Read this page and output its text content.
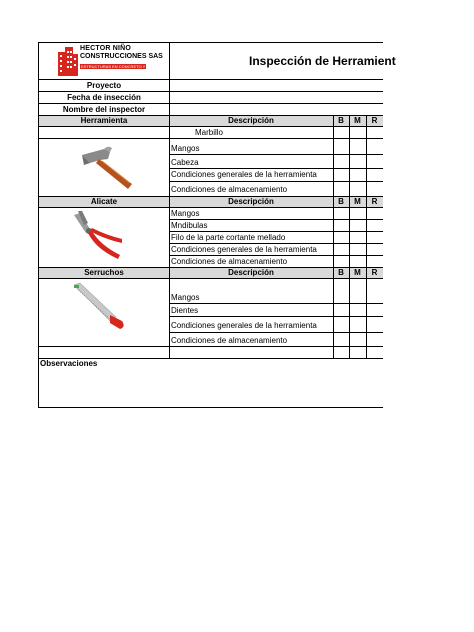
HECTOR NIÑO
CONSTRUCCIONES SAS
ESTRUCTURAS EN CONCRETO Y ACABADOS	Inspección de Herramient
Proyecto
Fecha de insección
Nombre del inspector
Herramienta	Descripción	B	M	R
Marbillo
Mangos
Cabeza
Condiciones generales de la herramienta
Condiciones de almacenamiento
Alicate	Descripción	B	M	R
Mangos
Mndibulas
Filo de la parte cortante mellado
Condiciones generales de la herramienta
Condiciones de almacenamiento
Serruchos	Descripción	B	M	R
Mangos
Dientes
Condiciones generales de la herramienta
Condiciones de almacenamiento
Observaciones
